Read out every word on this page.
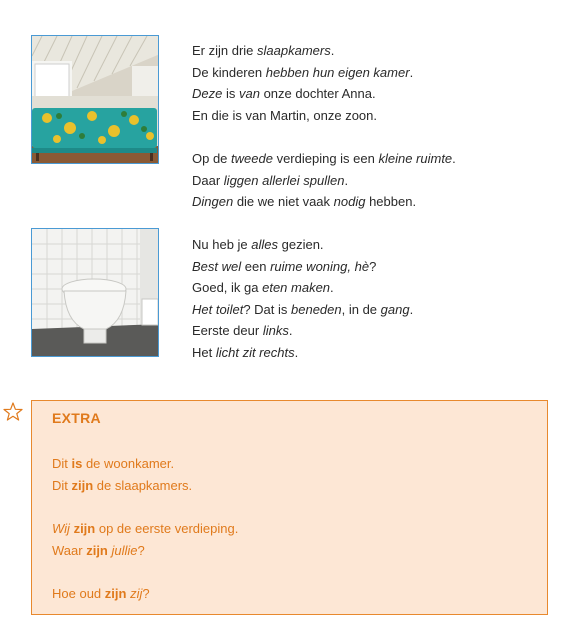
Er zijn drie slaapkamers.
De kinderen hebben hun eigen kamer.
Deze is van onze dochter Anna.
En die is van Martin, onze zoon.
Op de tweede verdieping is een kleine ruimte.
Daar liggen allerlei spullen.
Dingen die we niet vaak nodig hebben.
Nu heb je alles gezien.
Best wel een ruime woning, hè?
Goed, ik ga eten maken.
Het toilet? Dat is beneden, in de gang.
Eerste deur links.
Het licht zit rechts.
EXTRA
Dit is de woonkamer.
Dit zijn de slaapkamers.
Wij zijn op de eerste verdieping.
Waar zijn jullie?
Hoe oud zijn zij?
